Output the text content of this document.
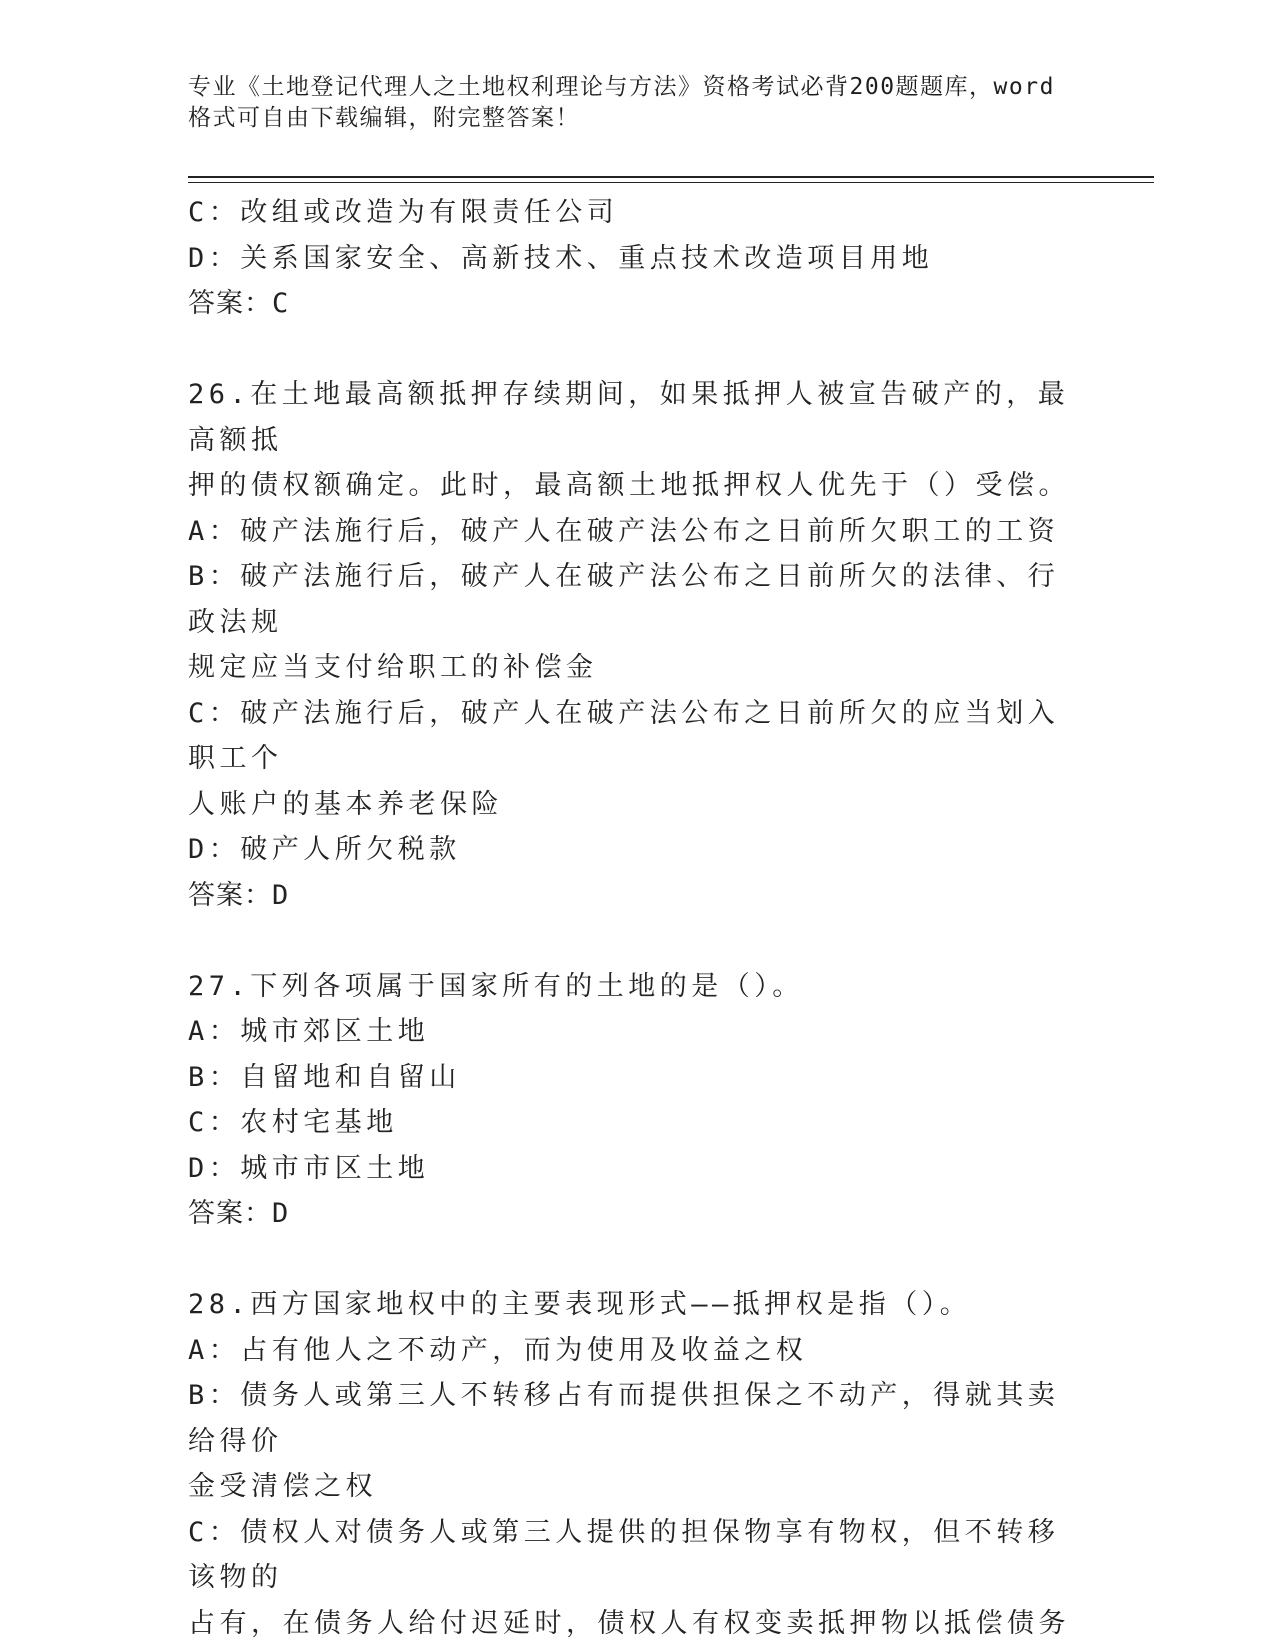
专业《土地登记代理人之土地权利理论与方法》资格考试必背200题题库，word
格式可自由下载编辑，附完整答案！
C：改组或改造为有限责任公司
D：关系国家安全、高新技术、重点技术改造项目用地
答案：C
26.在土地最高额抵押存续期间，如果抵押人被宣告破产的，最高额抵
押的债权额确定。此时，最高额土地抵押权人优先于（）受偿。
A：破产法施行后，破产人在破产法公布之日前所欠职工的工资
B：破产法施行后，破产人在破产法公布之日前所欠的法律、行政法规
规定应当支付给职工的补偿金
C：破产法施行后，破产人在破产法公布之日前所欠的应当划入职工个
人账户的基本养老保险
D：破产人所欠税款
答案：D
27.下列各项属于国家所有的土地的是（）。
A：城市郊区土地
B：自留地和自留山
C：农村宅基地
D：城市市区土地
答案：D
28.西方国家地权中的主要表现形式——抵押权是指（）。
A：占有他人之不动产，而为使用及收益之权
B：债务人或第三人不转移占有而提供担保之不动产，得就其卖给得价
金受清偿之权
C：债权人对债务人或第三人提供的担保物享有物权，但不转移该物的
占有，在债务人给付迟延时，债权人有权变卖抵押物以抵偿债务
